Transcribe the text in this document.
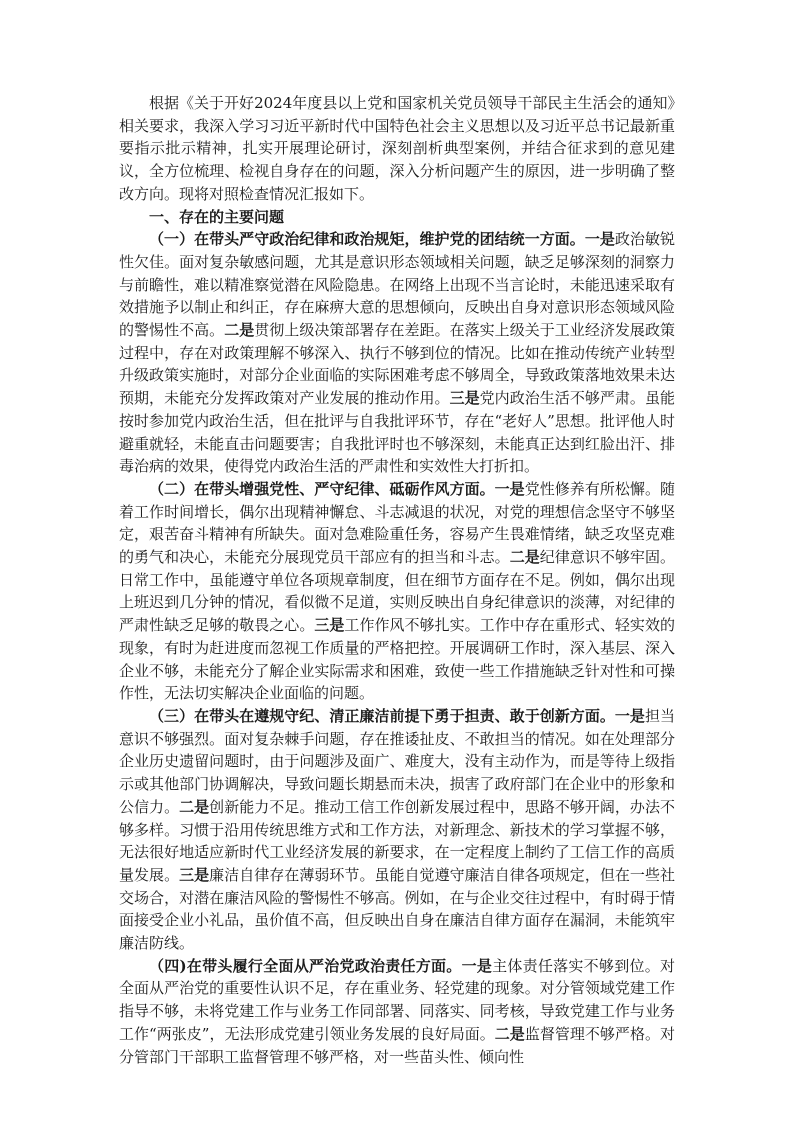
根据《关于开好2024年度县以上党和国家机关党员领导干部民主生活会的通知》相关要求，我深入学习习近平新时代中国特色社会主义思想以及习近平总书记最新重要指示批示精神，扎实开展理论研讨，深刻剖析典型案例，并结合征求到的意见建议，全方位梳理、检视自身存在的问题，深入分析问题产生的原因，进一步明确了整改方向。现将对照检查情况汇报如下。

一、存在的主要问题

（一）在带头严守政治纪律和政治规矩，维护党的团结统一方面。一是政治敏锐性欠佳。面对复杂敏感问题，尤其是意识形态领域相关问题，缺乏足够深刻的洞察力与前瞻性，难以精准察觉潜在风险隐患。在网络上出现不当言论时，未能迅速采取有效措施予以制止和纠正，存在麻痹大意的思想倾向，反映出自身对意识形态领域风险的警惕性不高。二是贯彻上级决策部署存在差距。在落实上级关于工业经济发展政策过程中，存在对政策理解不够深入、执行不够到位的情况。比如在推动传统产业转型升级政策实施时，对部分企业面临的实际困难考虑不够周全，导致政策落地效果未达预期，未能充分发挥政策对产业发展的推动作用。三是党内政治生活不够严肃。虽能按时参加党内政治生活，但在批评与自我批评环节，存在“老好人”思想。批评他人时避重就轻，未能直击问题要害；自我批评时也不够深刻，未能真正达到红脸出汗、排毒治病的效果，使得党内政治生活的严肃性和实效性大打折扣。

（二）在带头增强党性、严守纪律、砥砺作风方面。一是党性修养有所松懈。随着工作时间增长，偶尔出现精神懈怠、斗志减退的状况，对党的理想信念坚守不够坚定，艰苦奋斗精神有所缺失。面对急难险重任务，容易产生畏难情绪，缺乏攻坚克难的勇气和决心，未能充分展现党员干部应有的担当和斗志。二是纪律意识不够牢固。日常工作中，虽能遵守单位各项规章制度，但在细节方面存在不足。例如，偶尔出现上班迟到几分钟的情况，看似微不足道，实则反映出自身纪律意识的淡薄，对纪律的严肃性缺乏足够的敬畏之心。三是工作作风不够扎实。工作中存在重形式、轻实效的现象，有时为赶进度而忽视工作质量的严格把控。开展调研工作时，深入基层、深入企业不够，未能充分了解企业实际需求和困难，致使一些工作措施缺乏针对性和可操作性，无法切实解决企业面临的问题。

（三）在带头在遵规守纪、清正廉洁前提下勇于担责、敢于创新方面。一是担当意识不够强烈。面对复杂棘手问题，存在推诿扯皮、不敢担当的情况。如在处理部分企业历史遗留问题时，由于问题涉及面广、难度大，没有主动作为，而是等待上级指示或其他部门协调解决，导致问题长期悬而未决，损害了政府部门在企业中的形象和公信力。二是创新能力不足。推动工信工作创新发展过程中，思路不够开阔，办法不够多样。习惯于沿用传统思维方式和工作方法，对新理念、新技术的学习掌握不够，无法很好地适应新时代工业经济发展的新要求，在一定程度上制约了工信工作的高质量发展。三是廉洁自律存在薄弱环节。虽能自觉遵守廉洁自律各项规定，但在一些社交场合，对潜在廉洁风险的警惕性不够高。例如，在与企业交往过程中，有时碍于情面接受企业小礼品，虽价值不高，但反映出自身在廉洁自律方面存在漏洞，未能筑牢廉洁防线。

（四)在带头履行全面从严治党政治责任方面。一是主体责任落实不够到位。对全面从严治党的重要性认识不足，存在重业务、轻党建的现象。对分管领域党建工作指导不够，未将党建工作与业务工作同部署、同落实、同考核，导致党建工作与业务工作“两张皮”，无法形成党建引领业务发展的良好局面。二是监督管理不够严格。对分管部门干部职工监督管理不够严格，对一些苗头性、倾向性
